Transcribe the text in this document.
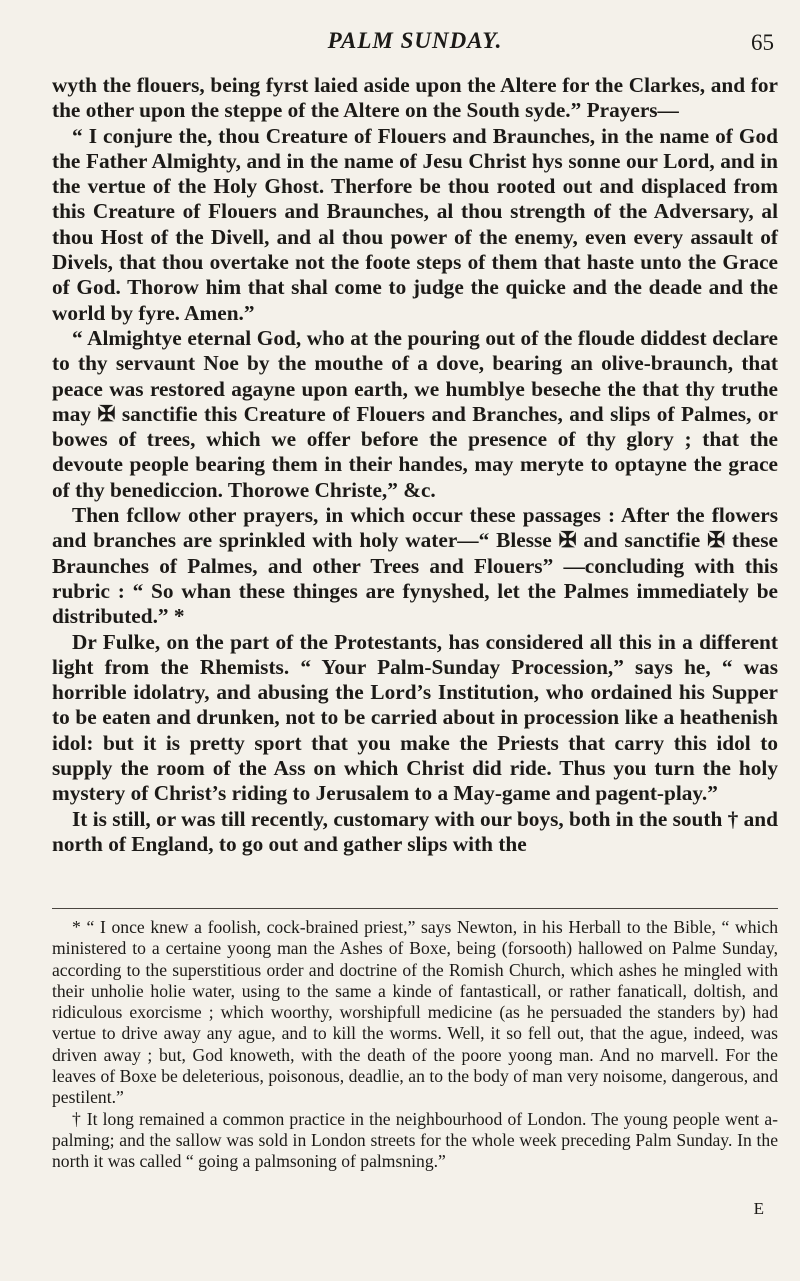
PALM SUNDAY.	65

wyth the flouers, being fyrst laied aside upon the Altere for the Clarkes, and for the other upon the steppe of the Altere on the South syde.” Prayers—

“ I conjure the, thou Creature of Flouers and Braunches, in the name of God the Father Almighty, and in the name of Jesu Christ hys sonne our Lord, and in the vertue of the Holy Ghost. Therfore be thou rooted out and displaced from this Creature of Flouers and Braunches, al thou strength of the Adversary, al thou Host of the Divell, and al thou power of the enemy, even every assault of Divels, that thou overtake not the foote steps of them that haste unto the Grace of God. Thorow him that shal come to judge the quicke and the deade and the world by fyre. Amen.”

“ Almightye eternal God, who at the pouring out of the floude diddest declare to thy servaunt Noe by the mouthe of a dove, bearing an olive-braunch, that peace was restored agayne upon earth, we humblye beseche the that thy truthe may ✠ sanctifie this Creature of Flouers and Branches, and slips of Palmes, or bowes of trees, which we offer before the presence of thy glory ; that the devoute people bearing them in their handes, may meryte to optayne the grace of thy benediccion. Thorowe Christe,” &c.

Then fcllow other prayers, in which occur these passages : After the flowers and branches are sprinkled with holy water—“ Blesse ✠ and sanctifie ✠ these Braunches of Palmes, and other Trees and Flouers” —concluding with this rubric : “ So whan these thinges are fynyshed, let the Palmes immediately be distributed.” *

Dr Fulke, on the part of the Protestants, has considered all this in a different light from the Rhemists. “ Your Palm-Sunday Procession,” says he, “ was horrible idolatry, and abusing the Lord’s Institution, who ordained his Supper to be eaten and drunken, not to be carried about in procession like a heathenish idol: but it is pretty sport that you make the Priests that carry this idol to supply the room of the Ass on which Christ did ride. Thus you turn the holy mystery of Christ’s riding to Jerusalem to a May-game and pagent-play.”

It is still, or was till recently, customary with our boys, both in the south † and north of England, to go out and gather slips with the

* “ I once knew a foolish, cock-brained priest,” says Newton, in his Herball to the Bible, “ which ministered to a certaine yoong man the Ashes of Boxe, being (forsooth) hallowed on Palme Sunday, according to the superstitious order and doctrine of the Romish Church, which ashes he mingled with their unholie holie water, using to the same a kinde of fantasticall, or rather fanaticall, doltish, and ridiculous exorcisme ; which woorthy, worshipfull medicine (as he persuaded the standers by) had vertue to drive away any ague, and to kill the worms. Well, it so fell out, that the ague, indeed, was driven away ; but, God knoweth, with the death of the poore yoong man. And no marvell. For the leaves of Boxe be deleterious, poisonous, deadlie, an to the body of man very noisome, dangerous, and pestilent.”

† It long remained a common practice in the neighbourhood of London. The young people went a-palming; and the sallow was sold in London streets for the whole week preceding Palm Sunday. In the north it was called “ going a palmsoning of palmsning.”

E
